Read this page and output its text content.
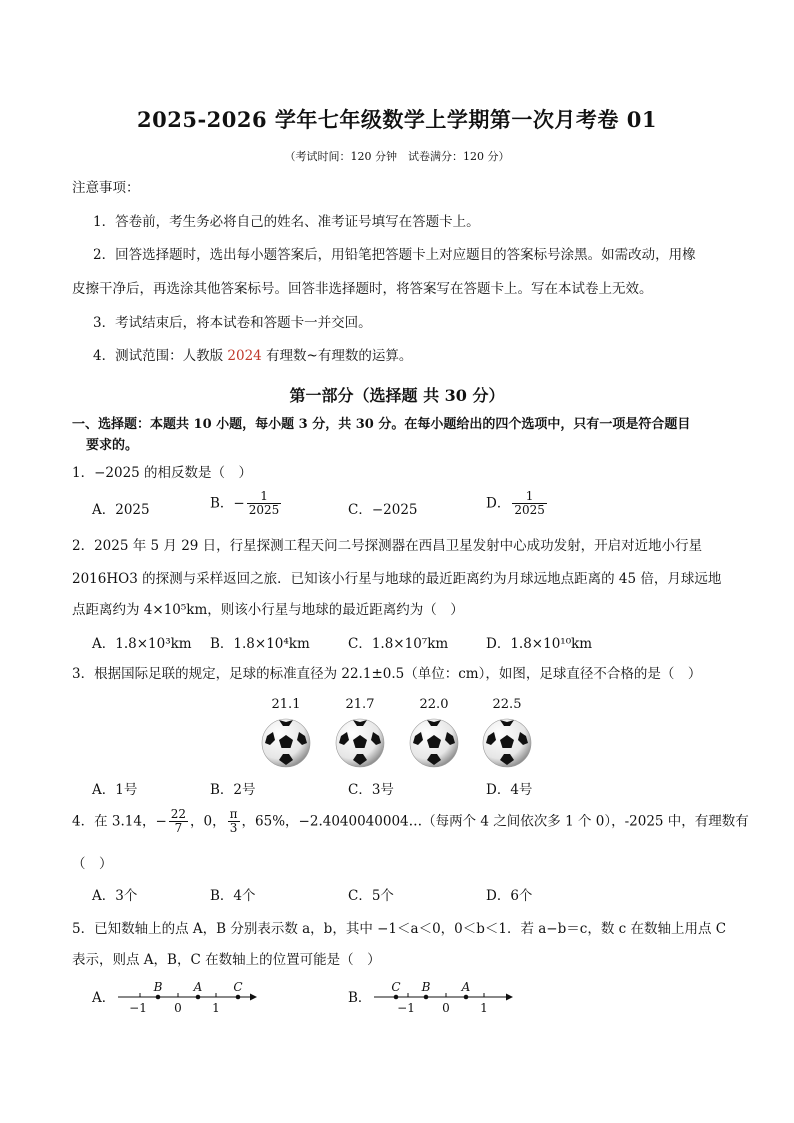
2025-2026 学年七年级数学上学期第一次月考卷 01
（考试时间：120 分钟　试卷满分：120 分）
注意事项：
1．答卷前，考生务必将自己的姓名、准考证号填写在答题卡上。
2．回答选择题时，选出每小题答案后，用铅笔把答题卡上对应题目的答案标号涂黑。如需改动，用橡
皮擦干净后，再选涂其他答案标号。回答非选择题时，将答案写在答题卡上。写在本试卷上无效。
3．考试结束后，将本试卷和答题卡一并交回。
4．测试范围：人教版 2024 有理数~有理数的运算。
第一部分（选择题 共 30 分）
一、选择题：本题共 10 小题，每小题 3 分，共 30 分。在每小题给出的四个选项中，只有一项是符合题目
要求的。
1．−2025 的相反数是（　）
A．2025	B．− $\frac{1}{2025}$	C．−2025	D． $\frac{1}{2025}$
2．2025 年 5 月 29 日，行星探测工程天问二号探测器在西昌卫星发射中心成功发射，开启对近地小行星
2016HO3 的探测与采样返回之旅．已知该小行星与地球的最近距离约为月球远地点距离的 45 倍，月球远地
点距离约为 4×10⁵km，则该小行星与地球的最近距离约为（　）
A．1.8×10³km B．1.8×10⁴km	C．1.8×10⁷km	D．1.8×10¹⁰km
3．根据国际足联的规定，足球的标准直径为 22.1±0.5（单位：cm），如图，足球直径不合格的是（　）
21.1	21.7	22.0	22.5
A．1号	B．2号	C．3号	D．4号
4．在 3.14，− $\frac{22}{7}$ ，0， $\frac{\pi}{3}$ ，65%，−2.4040040004…（每两个 4 之间依次多 1 个 0），-2025 中，有理数有
（　）
A．3个	B．4个	C．5个	D．6个
5．已知数轴上的点 A，B 分别表示数 a，b，其中 −1＜a＜0，0＜b＜1．若 a−b＝c，数 c 在数轴上用点 C
表示，则点 A，B，C 在数轴上的位置可能是（　）
A．
B	A	C
−1 0	1
B．
C B	A
−1 0	1
